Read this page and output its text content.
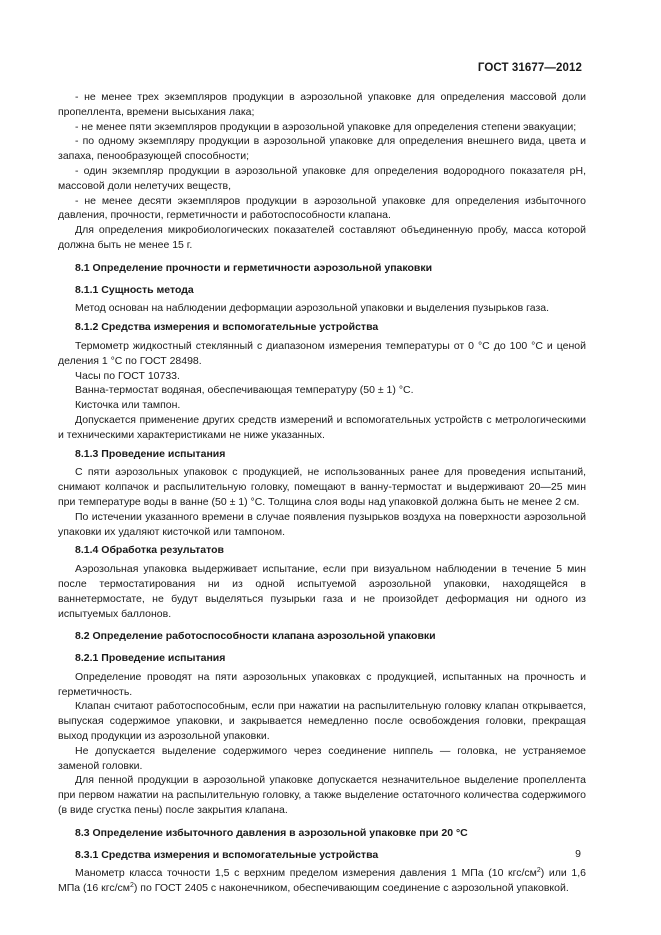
ГОСТ 31677—2012

- не менее трех экземпляров продукции в аэрозольной упаковке для определения массовой доли пропеллента, времени высыхания лака;

- не менее пяти экземпляров продукции в аэрозольной упаковке для определения степени эвакуации;

- по одному экземпляру продукции в аэрозольной упаковке для определения внешнего вида, цвета и запаха, пенообразующей способности;

- один экземпляр продукции в аэрозольной упаковке для определения водородного показателя pH, массовой доли нелетучих веществ,

- не менее десяти экземпляров продукции в аэрозольной упаковке для определения избыточного давления, прочности, герметичности и работоспособности клапана.

Для определения микробиологических показателей составляют объединенную пробу, масса которой должна быть не менее 15 г.

8.1 Определение прочности и герметичности аэрозольной упаковки

8.1.1 Сущность метода

Метод основан на наблюдении деформации аэрозольной упаковки и выделения пузырьков газа.

8.1.2 Средства измерения и вспомогательные устройства

Термометр жидкостный стеклянный с диапазоном измерения температуры от 0 °С до 100 °С и ценой деления 1 °С по ГОСТ 28498.

Часы по ГОСТ 10733.

Ванна-термостат водяная, обеспечивающая температуру (50 ± 1) °С.

Кисточка или тампон.

Допускается применение других средств измерений и вспомогательных устройств с метрологическими и техническими характеристиками не ниже указанных.

8.1.3 Проведение испытания

С пяти аэрозольных упаковок с продукцией, не использованных ранее для проведения испытаний, снимают колпачок и распылительную головку, помещают в ванну-термостат и выдерживают 20—25 мин при температуре воды в ванне (50 ± 1) °С. Толщина слоя воды над упаковкой должна быть не менее 2 см.

По истечении указанного времени в случае появления пузырьков воздуха на поверхности аэрозольной упаковки их удаляют кисточкой или тампоном.

8.1.4 Обработка результатов

Аэрозольная упаковка выдерживает испытание, если при визуальном наблюдении в течение 5 мин после термостатирования ни из одной испытуемой аэрозольной упаковки, находящейся в ваннетермостате, не будут выделяться пузырьки газа и не произойдет деформация ни одного из испытуемых баллонов.

8.2 Определение работоспособности клапана аэрозольной упаковки

8.2.1 Проведение испытания

Определение проводят на пяти аэрозольных упаковках с продукцией, испытанных на прочность и герметичность.

Клапан считают работоспособным, если при нажатии на распылительную головку клапан открывается, выпуская содержимое упаковки, и закрывается немедленно после освобождения головки, прекращая выход продукции из аэрозольной упаковки.

Не допускается выделение содержимого через соединение ниппель — головка, не устраняемое заменой головки.

Для пенной продукции в аэрозольной упаковке допускается незначительное выделение пропеллента при первом нажатии на распылительную головку, а также выделение остаточного количества содержимого (в виде сгустка пены) после закрытия клапана.

8.3 Определение избыточного давления в аэрозольной упаковке при 20 °С

8.3.1 Средства измерения и вспомогательные устройства

Манометр класса точности 1,5 с верхним пределом измерения давления 1 МПа (10 кгс/$см^2$) или 1,6 МПа (16 кгс/$см^2$) по ГОСТ 2405 с наконечником, обеспечивающим соединение с аэрозольной упаковкой.

9
